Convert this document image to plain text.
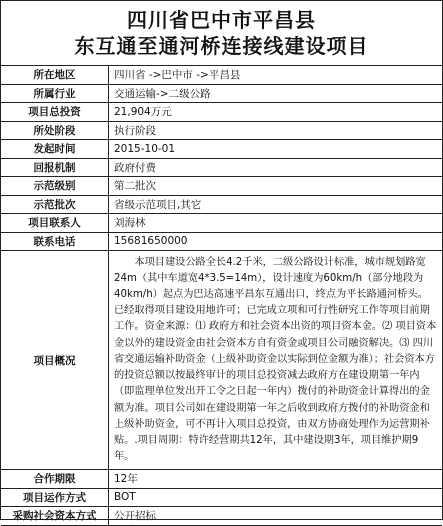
四川省巴中市平昌县
东互通至通河桥连接线建设项目
所在地区	四川省 ->巴中市 ->平昌县
所属行业	交通运输->二级公路
项目总投资	21,904万元
所处阶段	执行阶段
发起时间	2015-10-01
回报机制	政府付费
示范级别	第二批次
示范批次	省级示范项目,其它
项目联系人	刘海林
联系电话	15681650000
项目概况	本项目建设公路全长4.2千米，二级公路设计标准，城市规划路宽24m（其中车道宽4*3.5=14m），设计速度为60km/h（部分地段为40km/h）起点为巴达高速平昌东互通出口，终点为平长路通河桥头。已经取得项目建设用地许可；已完成立项和可行性研究工作等项目前期工作。资金来源：⑴ 政府方和社会资本出资的项目资本金。⑵ 项目资本金以外的建设资金由社会资本方自有资金或项目公司融资解决。⑶ 四川省交通运输补助资金（上级补助资金以实际到位金额为准）；社会资本方的投资总额以按最终审计的项目总投资减去政府方在建设期第一年内（即监理单位发出开工令之日起一年内）拨付的补助资金计算得出的金额为准。项目公司如在建设期第一年之后收到政府方拨付的补助资金和上级补助资金，可不再计入项目总投资，由双方协商处理作为运营期补贴。.项目周期：特许经营期共12年，其中建设期3年，项目维护期9年。
合作期限	12年
项目运作方式	BOT
采购社会资本方式	公开招标
